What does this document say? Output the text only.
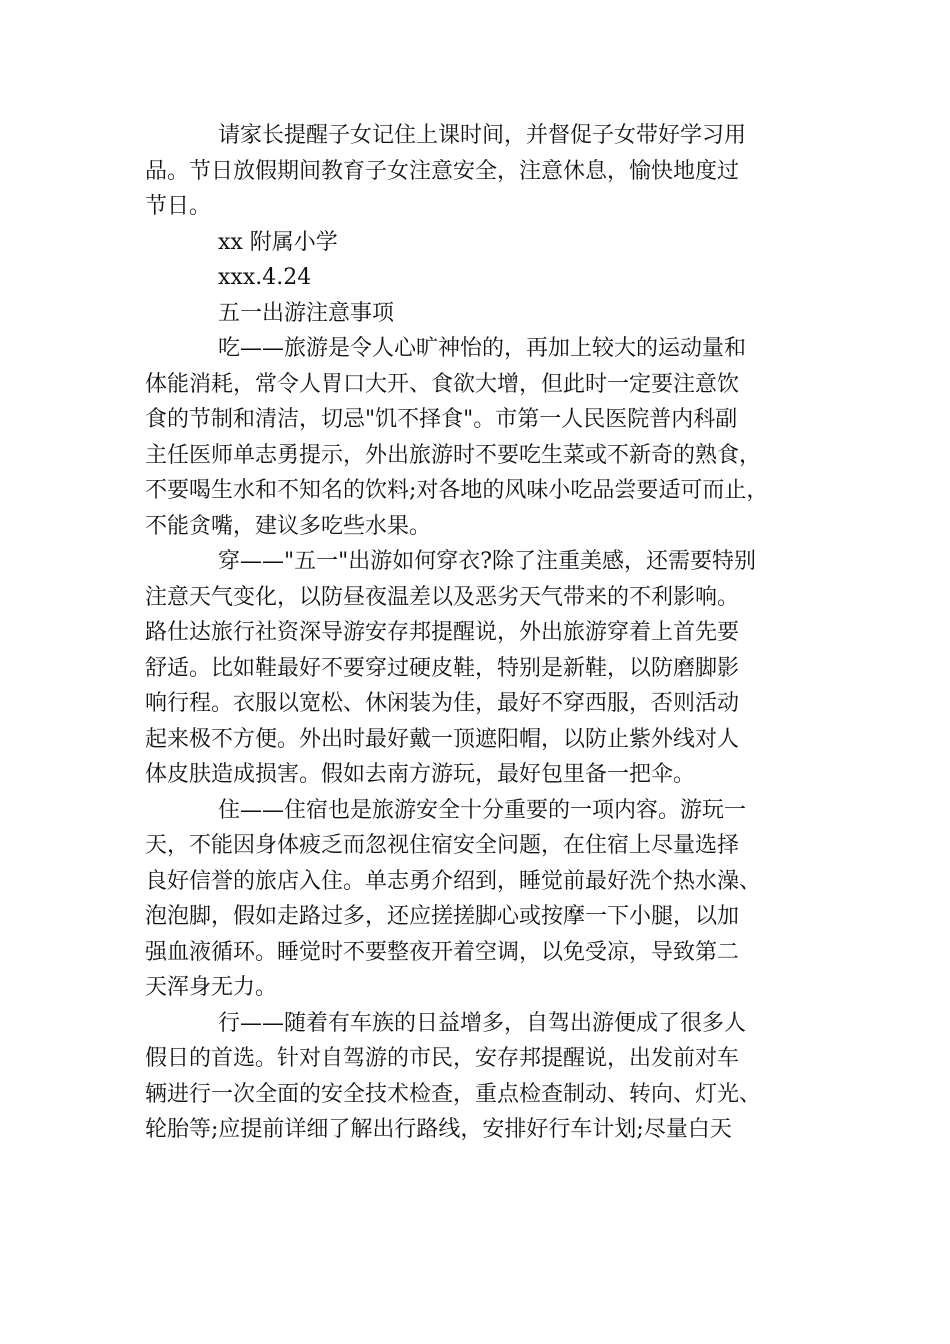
请家长提醒子女记住上课时间，并督促子女带好学习用
品。节日放假期间教育子女注意安全，注意休息，愉快地度过
节日。
xx 附属小学
xxx.4.24
五一出游注意事项
吃——旅游是令人心旷神怡的，再加上较大的运动量和
体能消耗，常令人胃口大开、食欲大增，但此时一定要注意饮
食的节制和清洁，切忌"饥不择食"。市第一人民医院普内科副
主任医师单志勇提示，外出旅游时不要吃生菜或不新奇的熟食，
不要喝生水和不知名的饮料;对各地的风味小吃品尝要适可而止，
不能贪嘴，建议多吃些水果。
穿——"五一"出游如何穿衣?除了注重美感，还需要特别
注意天气变化，以防昼夜温差以及恶劣天气带来的不利影响。
路仕达旅行社资深导游安存邦提醒说，外出旅游穿着上首先要
舒适。比如鞋最好不要穿过硬皮鞋，特别是新鞋，以防磨脚影
响行程。衣服以宽松、休闲装为佳，最好不穿西服，否则活动
起来极不方便。外出时最好戴一顶遮阳帽，以防止紫外线对人
体皮肤造成损害。假如去南方游玩，最好包里备一把伞。
住——住宿也是旅游安全十分重要的一项内容。游玩一
天，不能因身体疲乏而忽视住宿安全问题，在住宿上尽量选择
良好信誉的旅店入住。单志勇介绍到，睡觉前最好洗个热水澡、
泡泡脚，假如走路过多，还应搓搓脚心或按摩一下小腿，以加
强血液循环。睡觉时不要整夜开着空调，以免受凉，导致第二
天浑身无力。
行——随着有车族的日益增多，自驾出游便成了很多人
假日的首选。针对自驾游的市民，安存邦提醒说，出发前对车
辆进行一次全面的安全技术检查，重点检查制动、转向、灯光、
轮胎等;应提前详细了解出行路线，安排好行车计划;尽量白天
